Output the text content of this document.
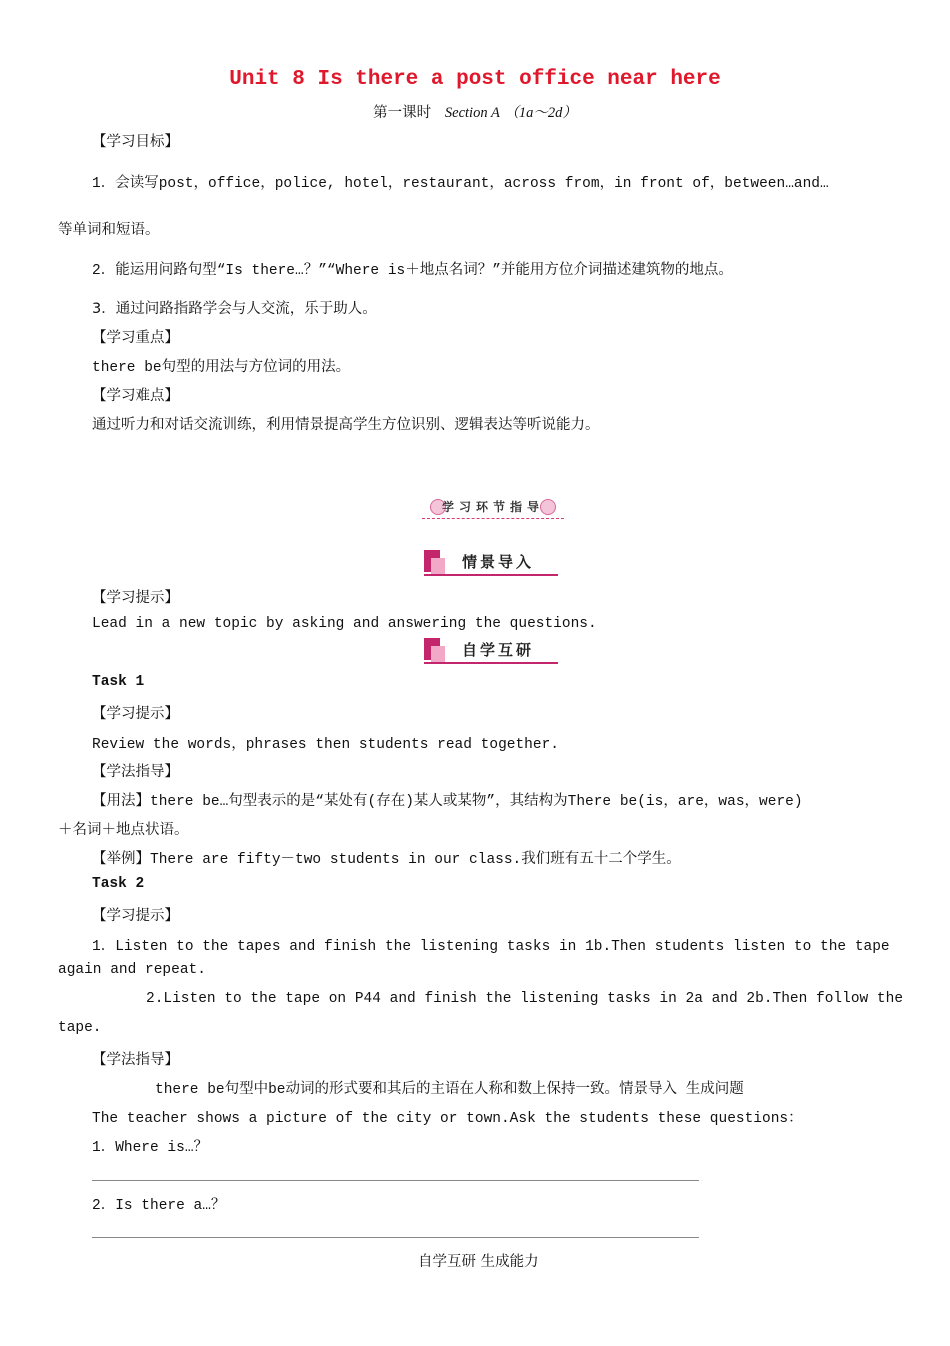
Unit 8 Is there a post office near here
第一课时 Section A （1a～2d）
【学习目标】
1．会读写post，office，police, hotel，restaurant，across from，in front of，between…and…
等单词和短语。
2．能运用问路句型“Is there…？”“Where is＋地点名词？”并能用方位介词描述建筑物的地点。
3．通过问路指路学会与人交流，乐于助人。
【学习重点】
there be句型的用法与方位词的用法。
【学习难点】
通过听力和对话交流训练，利用情景提高学生方位识别、逻辑表达等听说能力。
学习环节指导
情景导入
【学习提示】
Lead in a new topic by asking and answering the questions.
自学互研
Task 1
【学习提示】
Review the words，phrases then students read together.
【学法指导】
【用法】there be…句型表示的是“某处有(存在)某人或某物”，其结构为There be(is，are，was，were)
＋名词＋地点状语。
【举例】There are fifty－two students in our class.我们班有五十二个学生。
Task 2
【学习提示】
1．Listen to the tapes and finish the listening tasks in 1b.Then students listen to the tape
again and repeat.
2.Listen to the tape on P44 and finish the listening tasks in 2a and 2b.Then follow the
tape.
【学法指导】
there be句型中be动词的形式要和其后的主语在人称和数上保持一致。情景导入 生成问题
The teacher shows a picture of the city or town.Ask the students these questions：
1．Where is…？
2．Is there a…？
自学互研 生成能力
